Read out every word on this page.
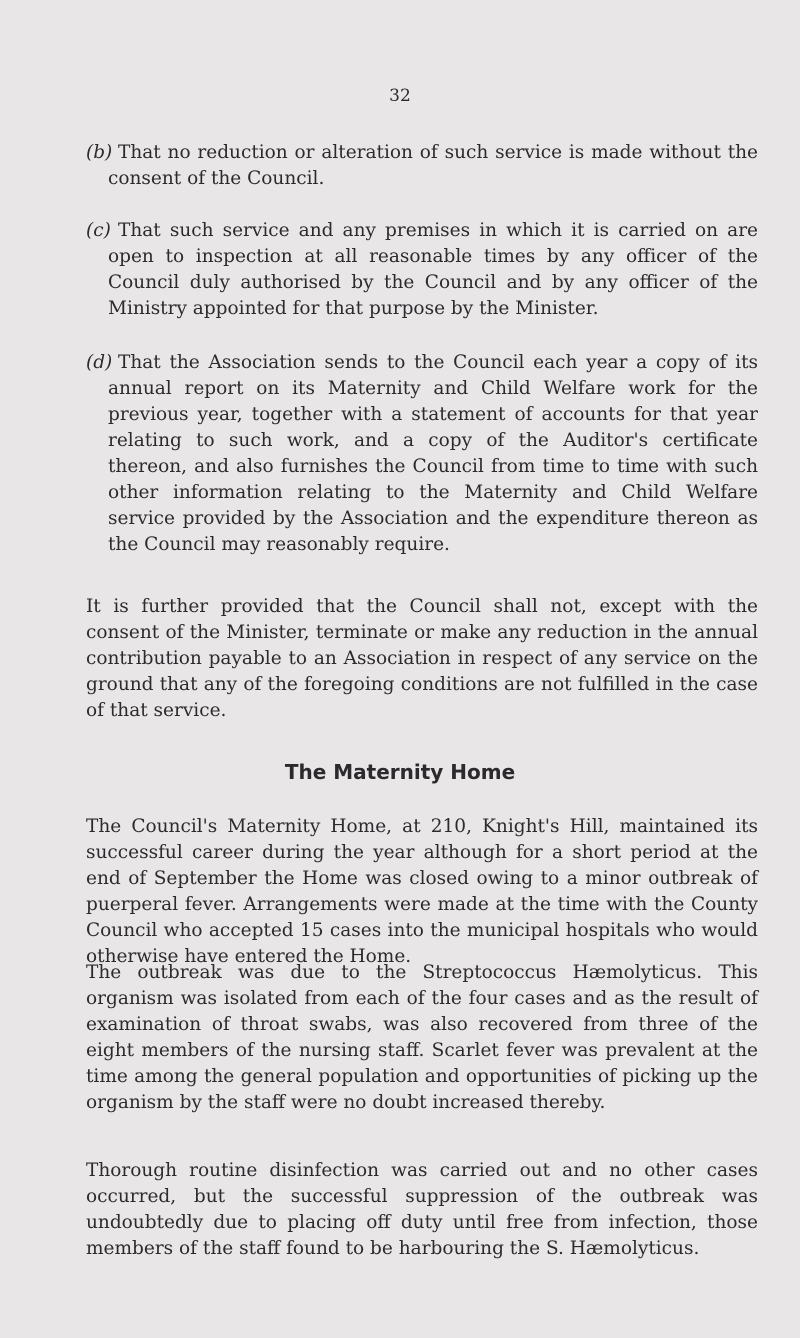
32
(b) That no reduction or alteration of such service is made without the consent of the Council.
(c) That such service and any premises in which it is carried on are open to inspection at all reasonable times by any officer of the Council duly authorised by the Council and by any officer of the Ministry appointed for that purpose by the Minister.
(d) That the Association sends to the Council each year a copy of its annual report on its Maternity and Child Welfare work for the previous year, together with a statement of accounts for that year relating to such work, and a copy of the Auditor's certificate thereon, and also furnishes the Council from time to time with such other information relating to the Maternity and Child Welfare service provided by the Association and the expenditure thereon as the Council may reasonably require.
It is further provided that the Council shall not, except with the consent of the Minister, terminate or make any reduction in the annual contribution payable to an Association in respect of any service on the ground that any of the foregoing conditions are not fulfilled in the case of that service.
The Maternity Home
The Council's Maternity Home, at 210, Knight's Hill, maintained its successful career during the year although for a short period at the end of September the Home was closed owing to a minor outbreak of puerperal fever. Arrangements were made at the time with the County Council who accepted 15 cases into the municipal hospitals who would otherwise have entered the Home.
The outbreak was due to the Streptococcus Hæmolyticus. This organism was isolated from each of the four cases and as the result of examination of throat swabs, was also recovered from three of the eight members of the nursing staff. Scarlet fever was prevalent at the time among the general population and opportunities of picking up the organism by the staff were no doubt increased thereby.
Thorough routine disinfection was carried out and no other cases occurred, but the successful suppression of the outbreak was undoubtedly due to placing off duty until free from infection, those members of the staff found to be harbouring the S. Hæmolyticus.
